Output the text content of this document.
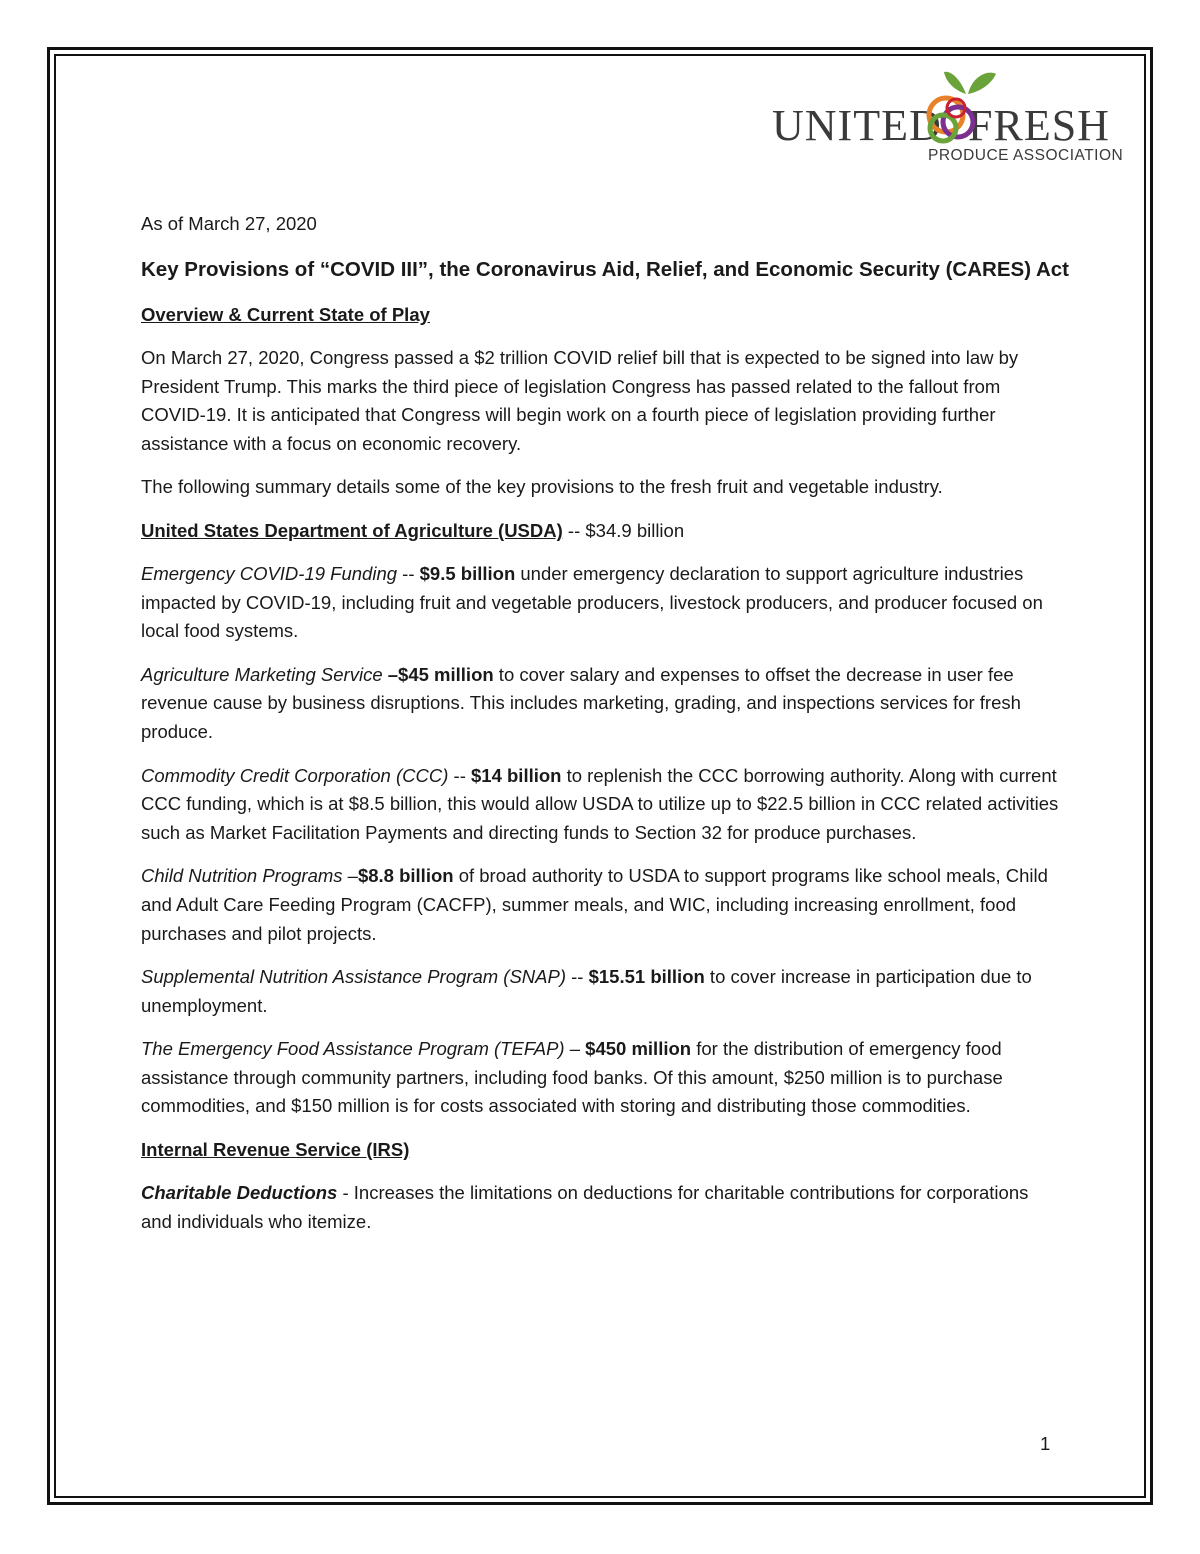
UNITED FRESH
PRODUCE ASSOCIATION
As of March 27, 2020
Key Provisions of “COVID III”, the Coronavirus Aid, Relief, and Economic Security (CARES) Act
Overview & Current State of Play

On March 27, 2020, Congress passed a $2 trillion COVID relief bill that is expected to be signed into law by President Trump. This marks the third piece of legislation Congress has passed related to the fallout from COVID-19. It is anticipated that Congress will begin work on a fourth piece of legislation providing further assistance with a focus on economic recovery.

The following summary details some of the key provisions to the fresh fruit and vegetable industry.

United States Department of Agriculture (USDA) -- $34.9 billion

Emergency COVID-19 Funding -- $9.5 billion under emergency declaration to support agriculture industries impacted by COVID-19, including fruit and vegetable producers, livestock producers, and producer focused on local food systems.

Agriculture Marketing Service –$45 million to cover salary and expenses to offset the decrease in user fee revenue cause by business disruptions. This includes marketing, grading, and inspections services for fresh produce.

Commodity Credit Corporation (CCC) -- $14 billion to replenish the CCC borrowing authority. Along with current CCC funding, which is at $8.5 billion, this would allow USDA to utilize up to $22.5 billion in CCC related activities such as Market Facilitation Payments and directing funds to Section 32 for produce purchases.

Child Nutrition Programs –$8.8 billion of broad authority to USDA to support programs like school meals, Child and Adult Care Feeding Program (CACFP), summer meals, and WIC, including increasing enrollment, food purchases and pilot projects.

Supplemental Nutrition Assistance Program (SNAP) -- $15.51 billion to cover increase in participation due to unemployment.

The Emergency Food Assistance Program (TEFAP) – $450 million for the distribution of emergency food assistance through community partners, including food banks. Of this amount, $250 million is to purchase commodities, and $150 million is for costs associated with storing and distributing those commodities.

Internal Revenue Service (IRS)

Charitable Deductions - Increases the limitations on deductions for charitable contributions for corporations and individuals who itemize.

1
